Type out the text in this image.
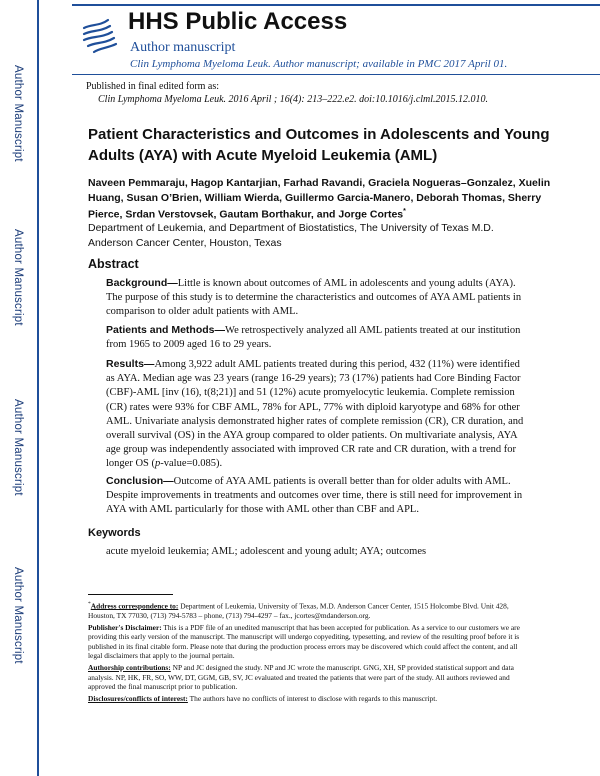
Author Manuscript
Author Manuscript
Author Manuscript
Author Manuscript
HHS Public Access
Author manuscript
Clin Lymphoma Myeloma Leuk. Author manuscript; available in PMC 2017 April 01.
Published in final edited form as:
Clin Lymphoma Myeloma Leuk. 2016 April ; 16(4): 213–222.e2. doi:10.1016/j.clml.2015.12.010.
Patient Characteristics and Outcomes in Adolescents and Young Adults (AYA) with Acute Myeloid Leukemia (AML)
Naveen Pemmaraju, Hagop Kantarjian, Farhad Ravandi, Graciela Nogueras–Gonzalez, Xuelin Huang, Susan O’Brien, William Wierda, Guillermo Garcia-Manero, Deborah Thomas, Sherry Pierce, Srdan Verstovsek, Gautam Borthakur, and Jorge Cortes*
Department of Leukemia, and Department of Biostatistics, The University of Texas M.D. Anderson Cancer Center, Houston, Texas
Abstract
Background—Little is known about outcomes of AML in adolescents and young adults (AYA). The purpose of this study is to determine the characteristics and outcomes of AYA AML patients in comparison to older adult patients with AML.
Patients and Methods—We retrospectively analyzed all AML patients treated at our institution from 1965 to 2009 aged 16 to 29 years.
Results—Among 3,922 adult AML patients treated during this period, 432 (11%) were identified as AYA. Median age was 23 years (range 16-29 years); 73 (17%) patients had Core Binding Factor (CBF)-AML [inv (16), t(8;21)] and 51 (12%) acute promyelocytic leukemia. Complete remission (CR) rates were 93% for CBF AML, 78% for APL, 77% with diploid karyotype and 68% for other AML. Univariate analysis demonstrated higher rates of complete remission (CR), CR duration, and overall survival (OS) in the AYA group compared to older patients. On multivariate analysis, AYA age group was independently associated with improved CR rate and CR duration, with a trend for longer OS (p-value=0.085).
Conclusion—Outcome of AYA AML patients is overall better than for older adults with AML. Despite improvements in treatments and outcomes over time, there is still need for improvement in AYA with AML particularly for those with AML other than CBF and APL.
Keywords
acute myeloid leukemia; AML; adolescent and young adult; AYA; outcomes

*Address correspondence to: Department of Leukemia, University of Texas, M.D. Anderson Cancer Center, 1515 Holcombe Blvd. Unit 428, Houston, TX 77030, (713) 794-5783 – phone, (713) 794-4297 – fax., jcortes@mdanderson.org.

Publisher's Disclaimer: This is a PDF file of an unedited manuscript that has been accepted for publication. As a service to our customers we are providing this early version of the manuscript. The manuscript will undergo copyediting, typesetting, and review of the resulting proof before it is published in its final citable form. Please note that during the production process errors may be discovered which could affect the content, and all legal disclaimers that apply to the journal pertain.

Authorship contributions: NP and JC designed the study. NP and JC wrote the manuscript. GNG, XH, SP provided statistical support and data analysis. NP, HK, FR, SO, WW, DT, GGM, GB, SV, JC evaluated and treated the patients that were part of the study. All authors reviewed and approved the final manuscript prior to publication.

Disclosures/conflicts of interest: The authors have no conflicts of interest to disclose with regards to this manuscript.
